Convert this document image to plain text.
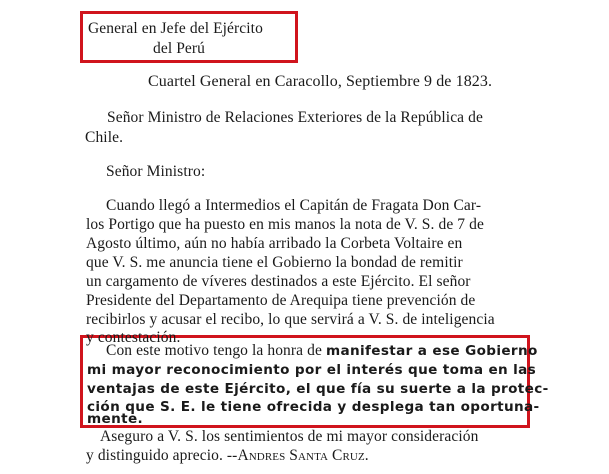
General en Jefe del Ejército
del Perú
Cuartel General en Caracollo, Septiembre 9 de 1823.
Señor Ministro de Relaciones Exteriores de la República de
Chile.
Señor Ministro:
Cuando llegó a Intermedios el Capitán de Fragata Don Car-
los Portigo que ha puesto en mis manos la nota de V. S. de 7 de
Agosto último, aún no había arribado la Corbeta Voltaire en
que V. S. me anuncia tiene el Gobierno la bondad de remitir
un cargamento de víveres destinados a este Ejército. El señor
Presidente del Departamento de Arequipa tiene prevención de
recibirlos y acusar el recibo, lo que servirá a V. S. de inteligencia
y contestación.
Con este motivo tengo la honra de manifestar a ese Gobierno
mi mayor reconocimiento por el interés que toma en las
ventajas de este Ejército, el que fía su suerte a la protec-
ción que S. E. le tiene ofrecida y desplega tan oportuna-
mente.
Aseguro a V. S. los sentimientos de mi mayor consideración
y distinguido aprecio. --Andres Santa Cruz.
